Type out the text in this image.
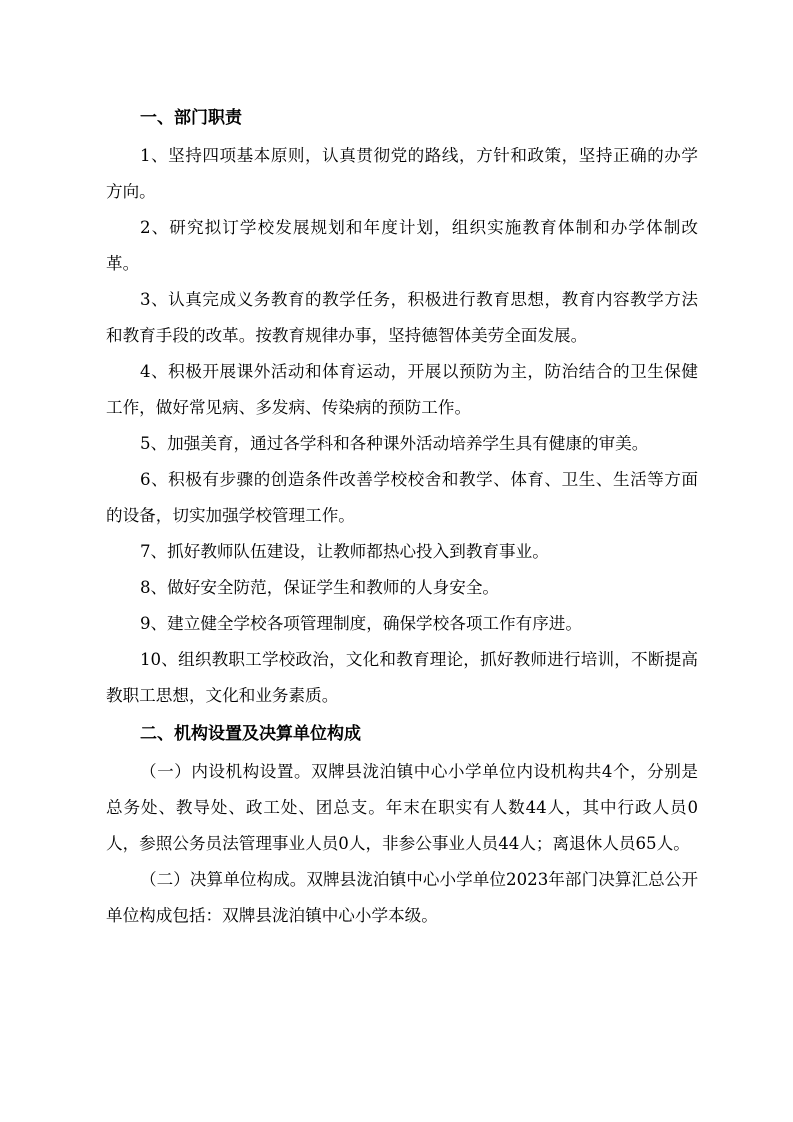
一、部门职责

1、坚持四项基本原则，认真贯彻党的路线，方针和政策，坚持正确的办学方向。

2、研究拟订学校发展规划和年度计划，组织实施教育体制和办学体制改革。

3、认真完成义务教育的教学任务，积极进行教育思想，教育内容教学方法和教育手段的改革。按教育规律办事，坚持德智体美劳全面发展。

4、积极开展课外活动和体育运动，开展以预防为主，防治结合的卫生保健工作，做好常见病、多发病、传染病的预防工作。

5、加强美育，通过各学科和各种课外活动培养学生具有健康的审美。

6、积极有步骤的创造条件改善学校校舍和教学、体育、卫生、生活等方面的设备，切实加强学校管理工作。

7、抓好教师队伍建设，让教师都热心投入到教育事业。

8、做好安全防范，保证学生和教师的人身安全。

9、建立健全学校各项管理制度，确保学校各项工作有序进。

10、组织教职工学校政治，文化和教育理论，抓好教师进行培训，不断提高教职工思想，文化和业务素质。

二、机构设置及决算单位构成

（一）内设机构设置。双牌县泷泊镇中心小学单位内设机构共4个，分别是总务处、教导处、政工处、团总支。年末在职实有人数44人，其中行政人员0人，参照公务员法管理事业人员0人，非参公事业人员44人；离退休人员65人。

（二）决算单位构成。双牌县泷泊镇中心小学单位2023年部门决算汇总公开单位构成包括：双牌县泷泊镇中心小学本级。
